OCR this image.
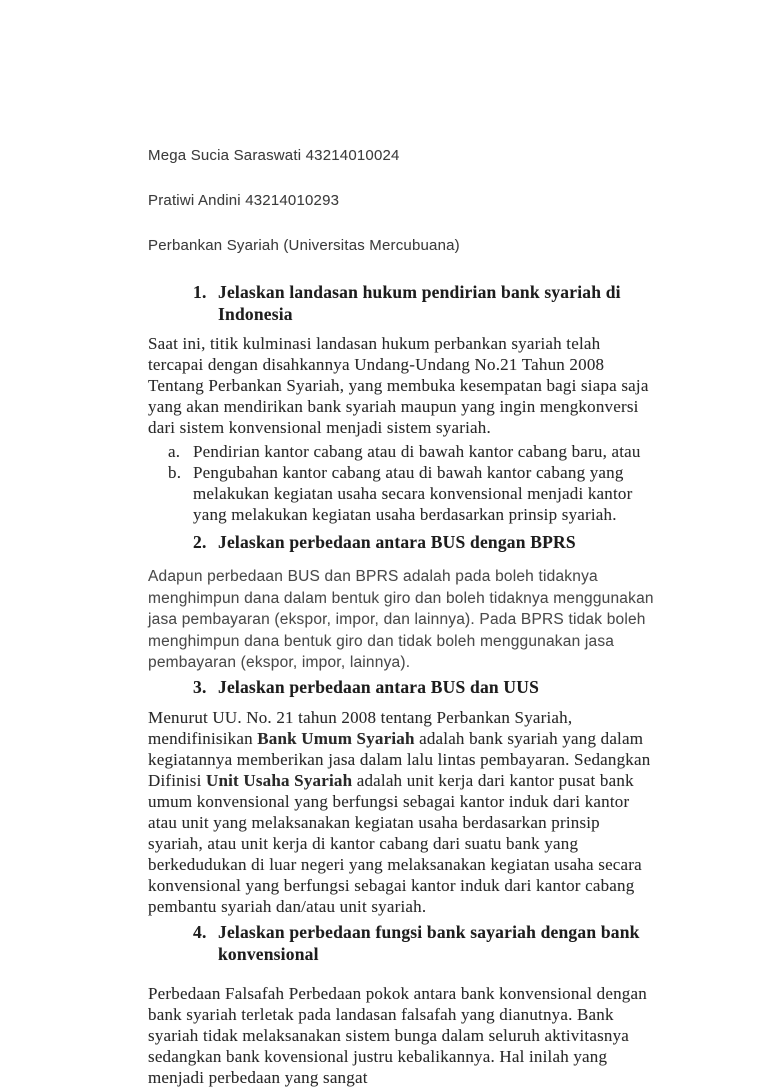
Mega Sucia Saraswati 43214010024

Pratiwi Andini 43214010293

Perbankan Syariah (Universitas Mercubuana)

1. Jelaskan landasan hukum pendirian bank syariah di Indonesia

Saat ini, titik kulminasi landasan hukum perbankan syariah telah tercapai dengan disahkannya Undang-Undang No.21 Tahun 2008 Tentang Perbankan Syariah, yang membuka kesempatan bagi siapa saja yang akan mendirikan bank syariah maupun yang ingin mengkonversi dari sistem konvensional menjadi sistem syariah.

a. Pendirian kantor cabang atau di bawah kantor cabang baru, atau
b. Pengubahan kantor cabang atau di bawah kantor cabang yang melakukan kegiatan usaha secara konvensional menjadi kantor yang melakukan kegiatan usaha berdasarkan prinsip syariah.
2. Jelaskan perbedaan antara BUS dengan BPRS

Adapun perbedaan BUS dan BPRS adalah pada boleh tidaknya menghimpun dana dalam bentuk giro dan boleh tidaknya menggunakan jasa pembayaran (ekspor, impor, dan lainnya). Pada BPRS tidak boleh menghimpun dana bentuk giro dan tidak boleh menggunakan jasa pembayaran (ekspor, impor, lainnya).

3. Jelaskan perbedaan antara BUS dan UUS

Menurut UU. No. 21 tahun 2008 tentang Perbankan Syariah, mendifinisikan Bank Umum Syariah adalah bank syariah yang dalam kegiatannya memberikan jasa dalam lalu lintas pembayaran. Sedangkan Difinisi Unit Usaha Syariah adalah unit kerja dari kantor pusat bank umum konvensional yang berfungsi sebagai kantor induk dari kantor atau unit yang melaksanakan kegiatan usaha berdasarkan prinsip syariah, atau unit kerja di kantor cabang dari suatu bank yang berkedudukan di luar negeri yang melaksanakan kegiatan usaha secara konvensional yang berfungsi sebagai kantor induk dari kantor cabang pembantu syariah dan/atau unit syariah.

4. Jelaskan perbedaan fungsi bank sayariah dengan bank konvensional

Perbedaan Falsafah Perbedaan pokok antara bank konvensional dengan bank syariah terletak pada landasan falsafah yang dianutnya. Bank syariah tidak melaksanakan sistem bunga dalam seluruh aktivitasnya sedangkan bank kovensional justru kebalikannya. Hal inilah yang menjadi perbedaan yang sangat
